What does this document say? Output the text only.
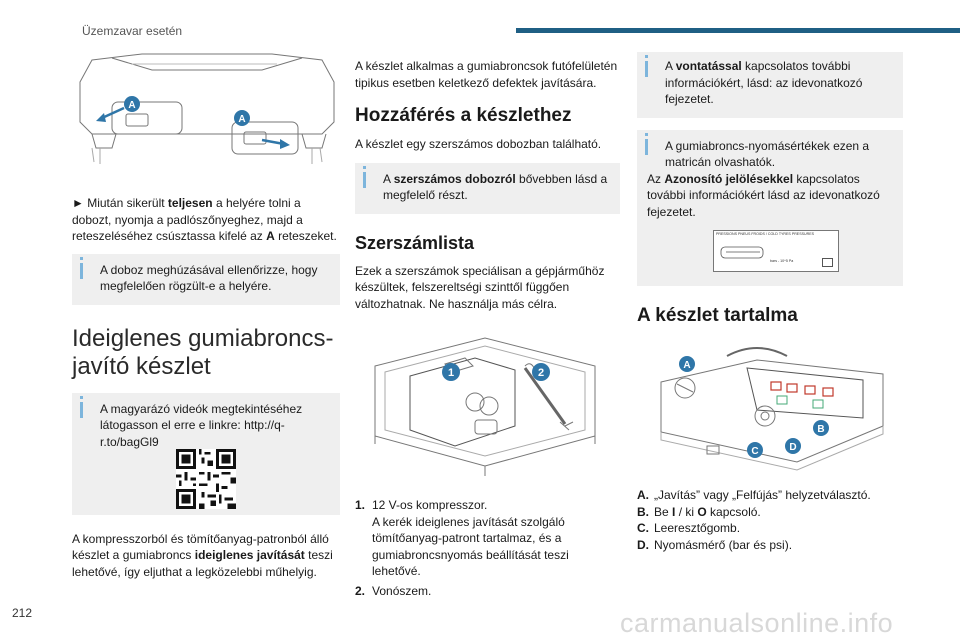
Üzemzavar esetén
A
A

► Miután sikerült teljesen a helyére tolni a dobozt, nyomja a padlószőnyeghez, majd a reteszeléséhez csúsztassa kifelé az A reteszeket.

A doboz meghúzásával ellenőrizze, hogy megfelelően rögzült-e a helyére.
Ideiglenes gumiabroncs-javító készlet
A magyarázó videók megtekintéséhez látogasson el erre e linkre: http://q-r.to/bagGl9

A kompresszorból és tömítőanyag-patronból álló készlet a gumiabroncs ideiglenes javítását teszi lehetővé, így eljuthat a legközelebbi műhelyig.

A készlet alkalmas a gumiabroncsok futófelületén tipikus esetben keletkező defektek javítására.

Hozzáférés a készlethez

A készlet egy szerszámos dobozban található.

A szerszámos dobozról bővebben lásd a megfelelő részt.
Szerszámlista

Ezek a szerszámok speciálisan a gépjárműhöz készültek, felszereltségi szinttől függően változhatnak. Ne használja más célra.

1	2
1. 12 V-os kompresszor.
A kerék ideiglenes javítását szolgáló tömítőanyag-patront tartalmaz, és a gumiabroncsnyomás beállítását teszi lehetővé.
2. Vonószem.
A vontatással kapcsolatos további információkért, lásd: az idevonatkozó fejezetet.
A gumiabroncs-nyomásértékek ezen a matricán olvashatók.
Az Azonosító jelölésekkel kapcsolatos további információkért lásd az idevonatkozó fejezetet.
PRESSIONS PNEUS FROIDS / COLD TYRES PRESSURES
bars - 10^5 Pa
A készlet tartalma
A
B
C	D
A. „Javítás” vagy „Felfújás” helyzetválasztó.
B. Be I / ki O kapcsoló.
C. Leeresztőgomb.
D. Nyomásmérő (bar és psi).
212	carmanualsonline.info
